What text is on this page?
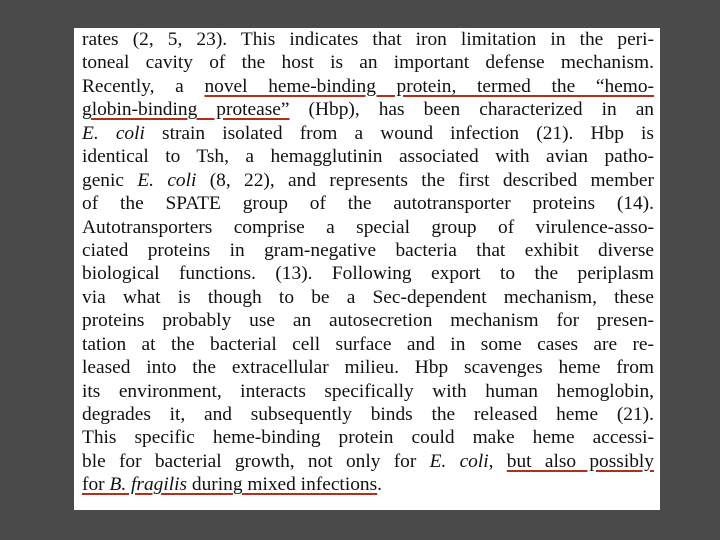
rates (2, 5, 23). This indicates that iron limitation in the peri-
toneal cavity of the host is an important defense mechanism.
Recently, a novel heme-binding protein, termed the “hemo-
globin-binding protease” (Hbp), has been characterized in an
E. coli strain isolated from a wound infection (21). Hbp is
identical to Tsh, a hemagglutinin associated with avian patho-
genic E. coli (8, 22), and represents the first described member
of the SPATE group of the autotransporter proteins (14).
Autotransporters comprise a special group of virulence-asso-
ciated proteins in gram-negative bacteria that exhibit diverse
biological functions. (13). Following export to the periplasm
via what is though to be a Sec-dependent mechanism, these
proteins probably use an autosecretion mechanism for presen-
tation at the bacterial cell surface and in some cases are re-
leased into the extracellular milieu. Hbp scavenges heme from
its environment, interacts specifically with human hemoglobin,
degrades it, and subsequently binds the released heme (21).
This specific heme-binding protein could make heme accessi-
ble for bacterial growth, not only for E. coli, but also possibly
for B. fragilis during mixed infections.
